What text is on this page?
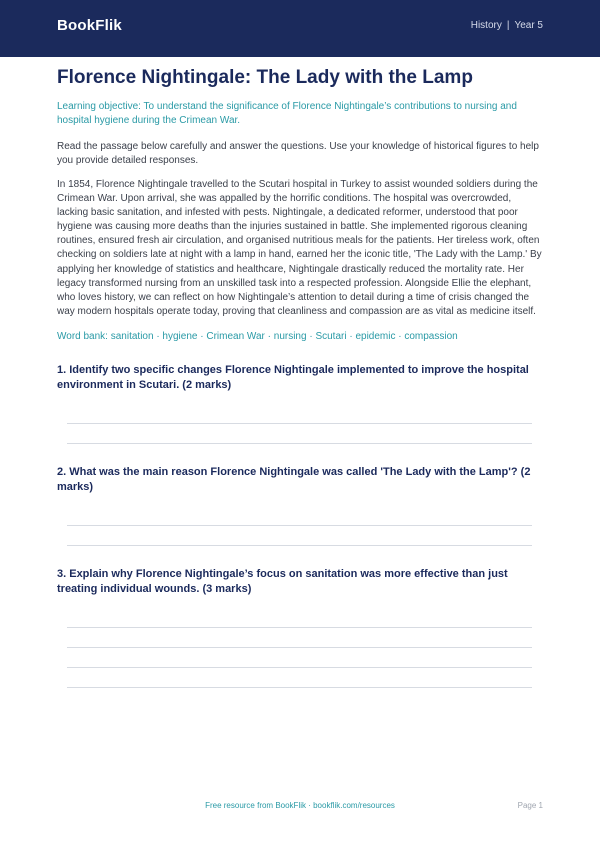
BookFlik	History | Year 5
Florence Nightingale: The Lady with the Lamp

Learning objective: To understand the significance of Florence Nightingale’s contributions to nursing and hospital hygiene during the Crimean War.

Read the passage below carefully and answer the questions. Use your knowledge of historical figures to help you provide detailed responses.

In 1854, Florence Nightingale travelled to the Scutari hospital in Turkey to assist wounded soldiers during the Crimean War. Upon arrival, she was appalled by the horrific conditions. The hospital was overcrowded, lacking basic sanitation, and infested with pests. Nightingale, a dedicated reformer, understood that poor hygiene was causing more deaths than the injuries sustained in battle. She implemented rigorous cleaning routines, ensured fresh air circulation, and organised nutritious meals for the patients. Her tireless work, often checking on soldiers late at night with a lamp in hand, earned her the iconic title, 'The Lady with the Lamp.' By applying her knowledge of statistics and healthcare, Nightingale drastically reduced the mortality rate. Her legacy transformed nursing from an unskilled task into a respected profession. Alongside Ellie the elephant, who loves history, we can reflect on how Nightingale’s attention to detail during a time of crisis changed the way modern hospitals operate today, proving that cleanliness and compassion are as vital as medicine itself.

Word bank: sanitation · hygiene · Crimean War · nursing · Scutari · epidemic · compassion

1. Identify two specific changes Florence Nightingale implemented to improve the hospital environment in Scutari. (2 marks)

2. What was the main reason Florence Nightingale was called 'The Lady with the Lamp'? (2 marks)

3. Explain why Florence Nightingale’s focus on sanitation was more effective than just treating individual wounds. (3 marks)

Free resource from BookFlik · bookflik.com/resources	Page 1
